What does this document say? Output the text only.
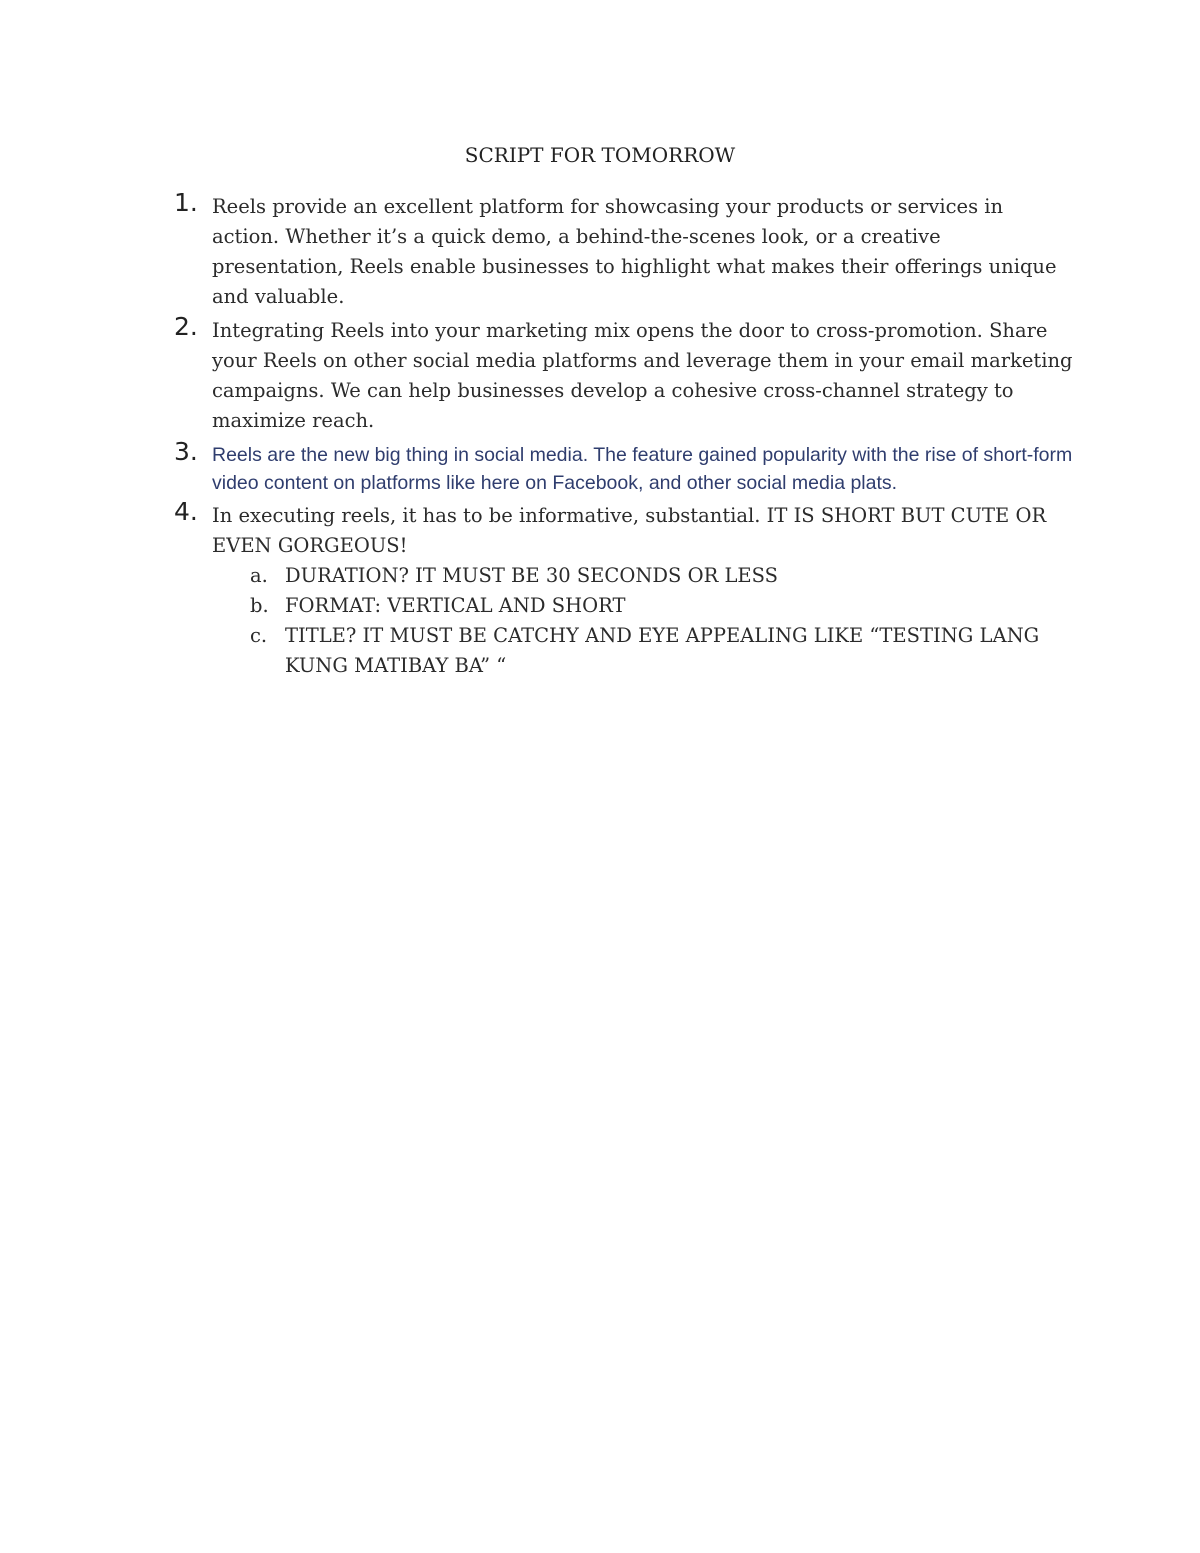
SCRIPT FOR TOMORROW
1. Reels provide an excellent platform for showcasing your products or services in action. Whether it’s a quick demo, a behind-the-scenes look, or a creative presentation, Reels enable businesses to highlight what makes their offerings unique and valuable.
2. Integrating Reels into your marketing mix opens the door to cross-promotion. Share your Reels on other social media platforms and leverage them in your email marketing campaigns. We can help businesses develop a cohesive cross-channel strategy to maximize reach.
3. Reels are the new big thing in social media. The feature gained popularity with the rise of short-form video content on platforms like here on Facebook, and other social media plats.
4. In executing reels, it has to be informative, substantial. IT IS SHORT BUT CUTE OR EVEN GORGEOUS!
a. DURATION? IT MUST BE 30 SECONDS OR LESS
b. FORMAT: VERTICAL AND SHORT
c. TITLE? IT MUST BE CATCHY AND EYE APPEALING LIKE “TESTING LANG KUNG MATIBAY BA” “
